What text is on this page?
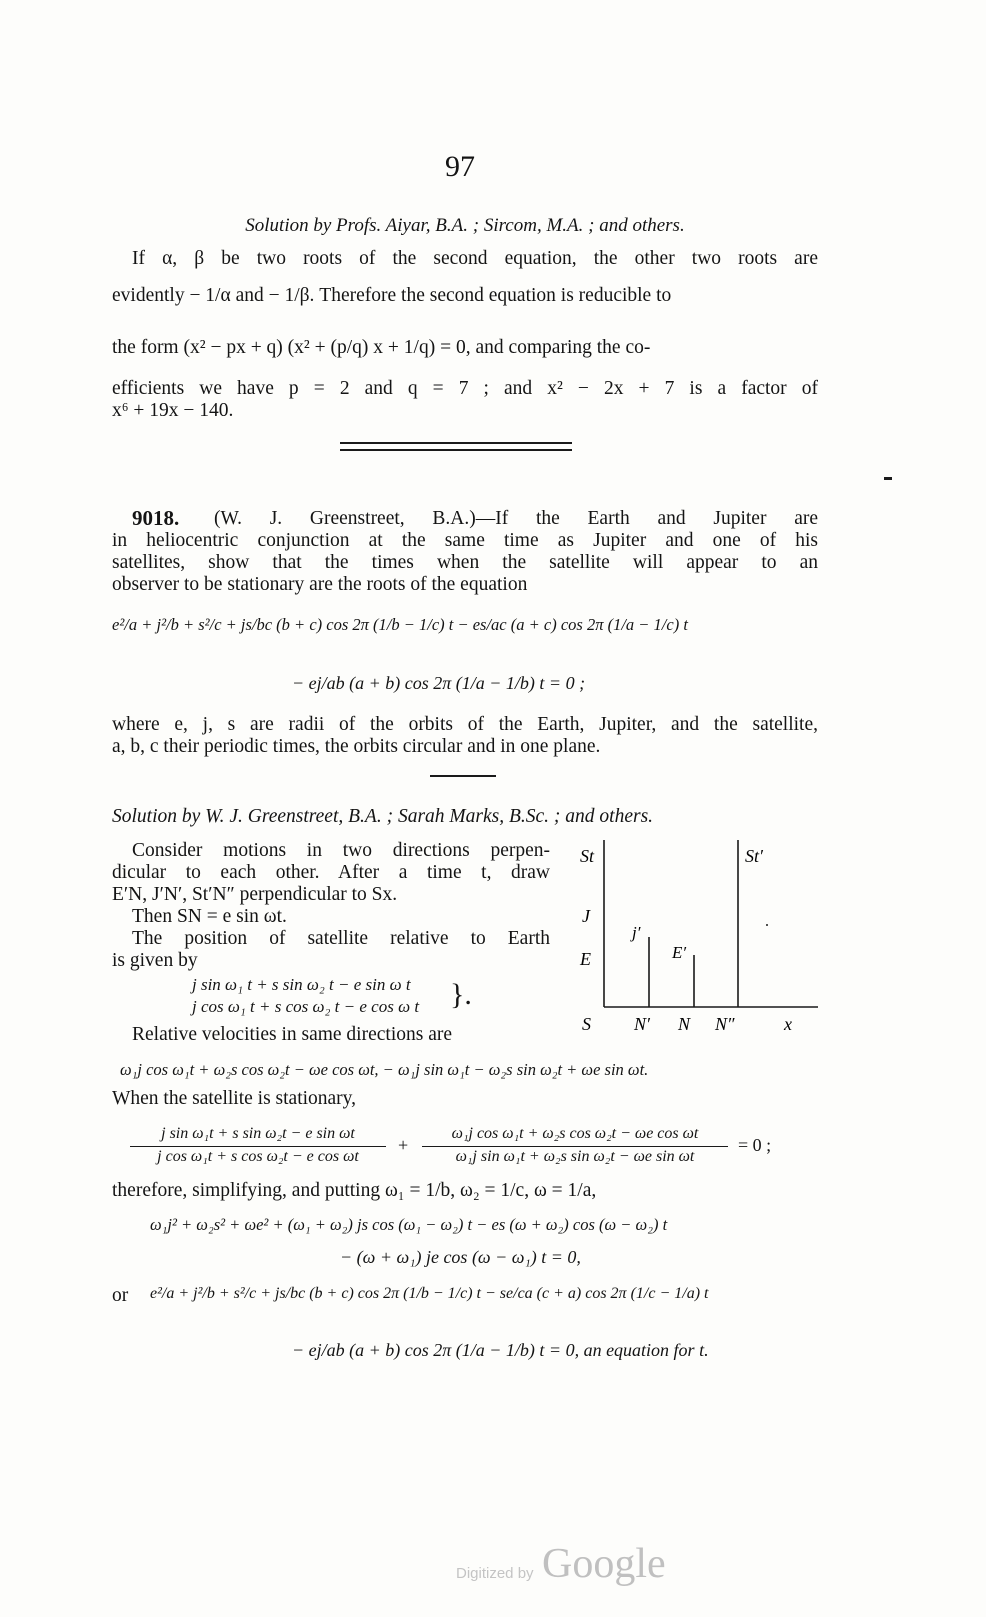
97
Solution by Profs. Aiyar, B.A. ; Sircom, M.A. ; and others.
If α, β be two roots of the second equation, the other two roots are
evidently − 1/α and − 1/β. Therefore the second equation is reducible to
the form (x² − px + q) (x² + (p/q) x + 1/q) = 0, and comparing the co-
efficients we have p = 2 and q = 7 ; and x² − 2x + 7 is a factor of
x⁶ + 19x − 140.
9018. (W. J. Greenstreet, B.A.)—If the Earth and Jupiter are
in heliocentric conjunction at the same time as Jupiter and one of his
satellites, show that the times when the satellite will appear to an
observer to be stationary are the roots of the equation
e²/a + j²/b + s²/c + js/bc (b + c) cos 2π (1/b − 1/c) t − es/ac (a + c) cos 2π (1/a − 1/c) t
− ej/ab (a + b) cos 2π (1/a − 1/b) t = 0 ;
where e, j, s are radii of the orbits of the Earth, Jupiter, and the satellite,
a, b, c their periodic times, the orbits circular and in one plane.
Solution by W. J. Greenstreet, B.A. ; Sarah Marks, B.Sc. ; and others.
Consider motions in two directions perpen-
dicular to each other. After a time t, draw
E′N, J′N′, St′N″ perpendicular to Sx.
Then SN = e sin ωt.
The position of satellite relative to Earth
is given by
j sin ω₁ t + s sin ω₂ t − e sin ω t
j cos ω₁ t + s cos ω₂ t − e cos ω t }.
Relative velocities in same directions are
St	St′
J
j′
E′
E
S N′ N N″	x
ω₁j cos ω₁t + ω₂s cos ω₂t − ωe cos ωt, − ω₁j sin ω₁t − ω₂s sin ω₂t + ωe sin ωt.
When the satellite is stationary,
j sin ω₁t + s sin ω₂t − e sin ωt
j cos ω₁t + s cos ω₂t − e cos ωt
+
ω₁j cos ω₁t + ω₂s cos ω₂t − ωe cos ωt
ω₁j sin ω₁t + ω₂s sin ω₂t − ωe sin ωt
= 0 ;
therefore, simplifying, and putting ω₁ = 1/b, ω₂ = 1/c, ω = 1/a,
ω₁j² + ω₂s² + ωe² + (ω₁ + ω₂) js cos (ω₁ − ω₂) t − es (ω + ω₂) cos (ω − ω₂) t
− (ω + ω₁) je cos (ω − ω₁) t = 0,
or e²/a + j²/b + s²/c + js/bc (b + c) cos 2π (1/b − 1/c) t − se/ca (c + a) cos 2π (1/c − 1/a) t
− ej/ab (a + b) cos 2π (1/a − 1/b) t = 0, an equation for t.
Digitized by Google
